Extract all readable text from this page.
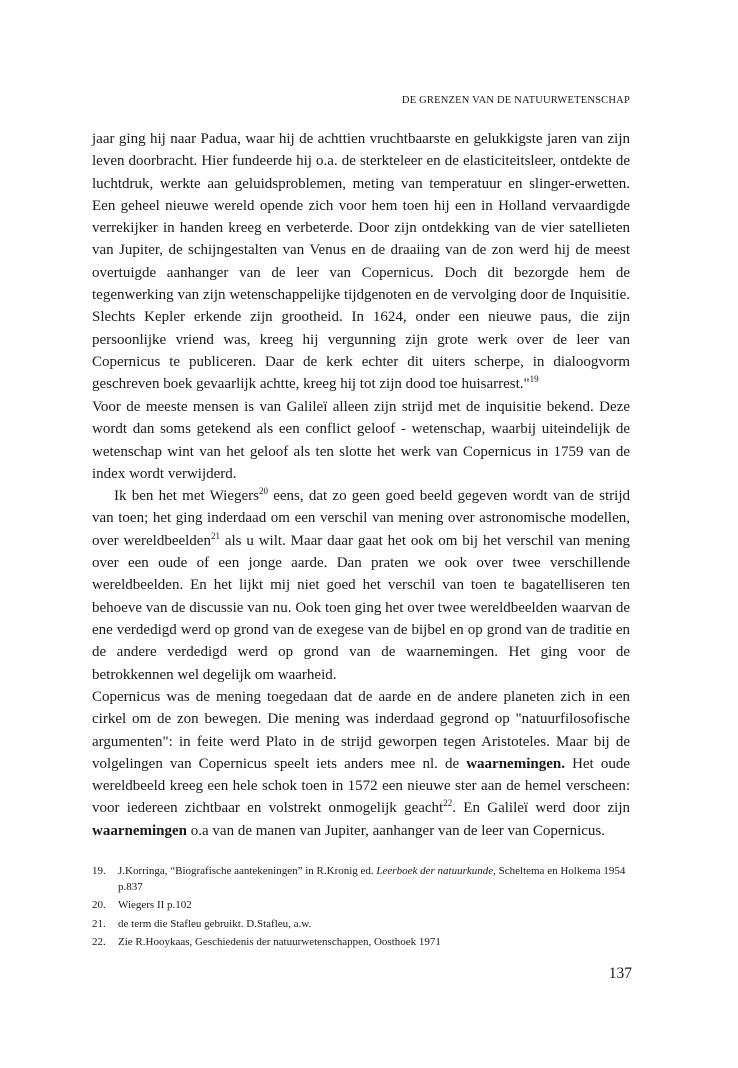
DE GRENZEN VAN DE NATUURWETENSCHAP

jaar ging hij naar Padua, waar hij de achttien vruchtbaarste en gelukkigste jaren van zijn leven doorbracht. Hier fundeerde hij o.a. de sterkteleer en de elasticiteitsleer, ontdekte de luchtdruk, werkte aan geluidsproblemen, meting van temperatuur en slinger-erwetten. Een geheel nieuwe wereld opende zich voor hem toen hij een in Holland vervaardigde verrekijker in handen kreeg en verbeterde. Door zijn ontdekking van de vier satellieten van Jupiter, de schijngestalten van Venus en de draaiing van de zon werd hij de meest overtuigde aanhanger van de leer van Copernicus. Doch dit bezorgde hem de tegenwerking van zijn wetenschappelijke tijdgenoten en de vervolging door de Inquisitie. Slechts Kepler erkende zijn grootheid. In 1624, onder een nieuwe paus, die zijn persoonlijke vriend was, kreeg hij vergunning zijn grote werk over de leer van Copernicus te publiceren. Daar de kerk echter dit uiters scherpe, in dialoogvorm geschreven boek gevaarlijk achtte, kreeg hij tot zijn dood toe huisarrest."$^{19}$

Voor de meeste mensen is van Galileï alleen zijn strijd met de inquisitie bekend. Deze wordt dan soms getekend als een conflict geloof - wetenschap, waarbij uiteindelijk de wetenschap wint van het geloof als ten slotte het werk van Copernicus in 1759 van de index wordt verwijderd.

Ik ben het met Wiegers$^{20}$ eens, dat zo geen goed beeld gegeven wordt van de strijd van toen; het ging inderdaad om een verschil van mening over astronomische modellen, over wereldbeelden$^{21}$ als u wilt. Maar daar gaat het ook om bij het verschil van mening over een oude of een jonge aarde. Dan praten we ook over twee verschillende wereldbeelden. En het lijkt mij niet goed het verschil van toen te bagatelliseren ten behoeve van de discussie van nu. Ook toen ging het over twee wereldbeelden waarvan de ene verdedigd werd op grond van de exegese van de bijbel en op grond van de traditie en de andere verdedigd werd op grond van de waarnemingen. Het ging voor de betrokkennen wel degelijk om waarheid.

Copernicus was de mening toegedaan dat de aarde en de andere planeten zich in een cirkel om de zon bewegen. Die mening was inderdaad gegrond op "natuurfilosofische argumenten": in feite werd Plato in de strijd geworpen tegen Aristoteles. Maar bij de volgelingen van Copernicus speelt iets anders mee nl. de waarnemingen. Het oude wereldbeeld kreeg een hele schok toen in 1572 een nieuwe ster aan de hemel verscheen: voor iedereen zichtbaar en volstrekt onmogelijk geacht$^{22}$. En Galileï werd door zijn waarnemingen o.a van de manen van Jupiter, aanhanger van de leer van Copernicus.

19.	J.Korringa, “Biografische aantekeningen” in R.Kronig ed. Leerboek der natuurkunde, Scheltema en Holkema 1954 p.837
20.	Wiegers II p.102
21.	de term die Stafleu gebruikt. D.Stafleu, a.w.
22.	Zie R.Hooykaas, Geschiedenis der natuurwetenschappen, Oosthoek 1971
137
